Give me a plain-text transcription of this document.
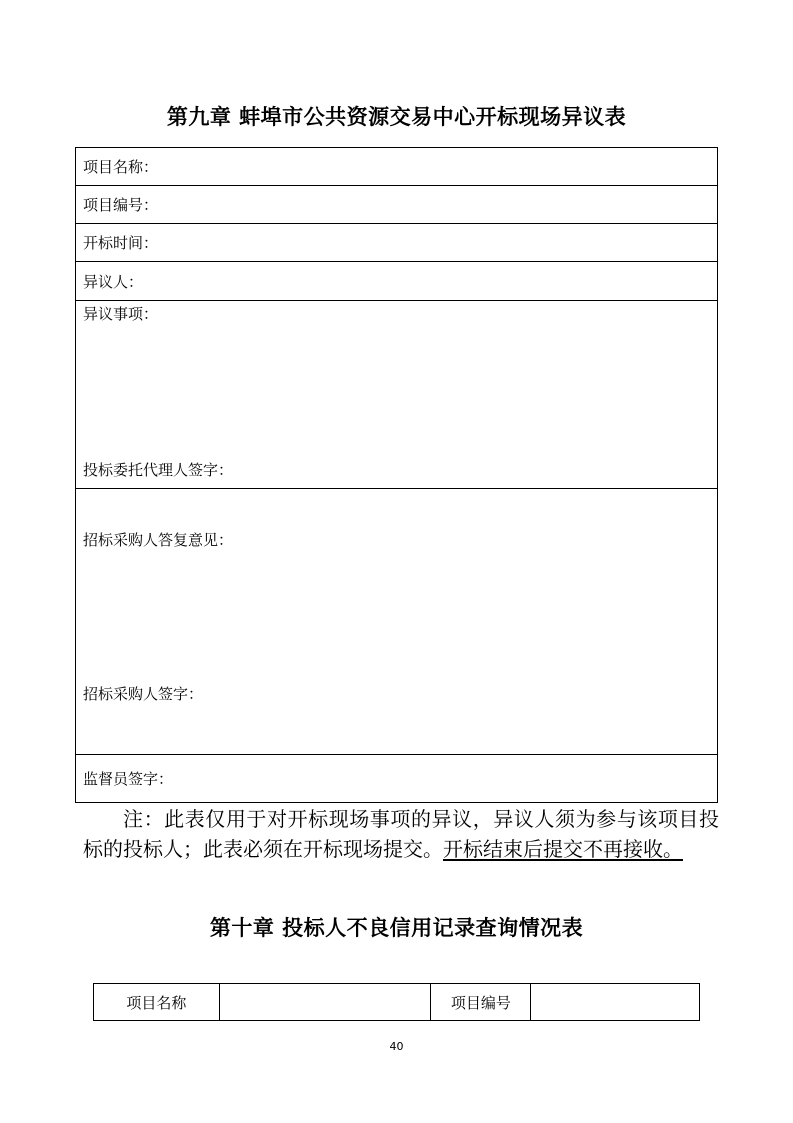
第九章 蚌埠市公共资源交易中心开标现场异议表
项目名称：
项目编号：
开标时间：
异议人：

异议事项：
投标委托代理人签字：

招标采购人答复意见：
招标采购人签字：

监督员签字：

注：此表仅用于对开标现场事项的异议，异议人须为参与该项目投标的投标人；此表必须在开标现场提交。开标结束后提交不再接收。

第十章 投标人不良信用记录查询情况表
项目名称		项目编号	
40
